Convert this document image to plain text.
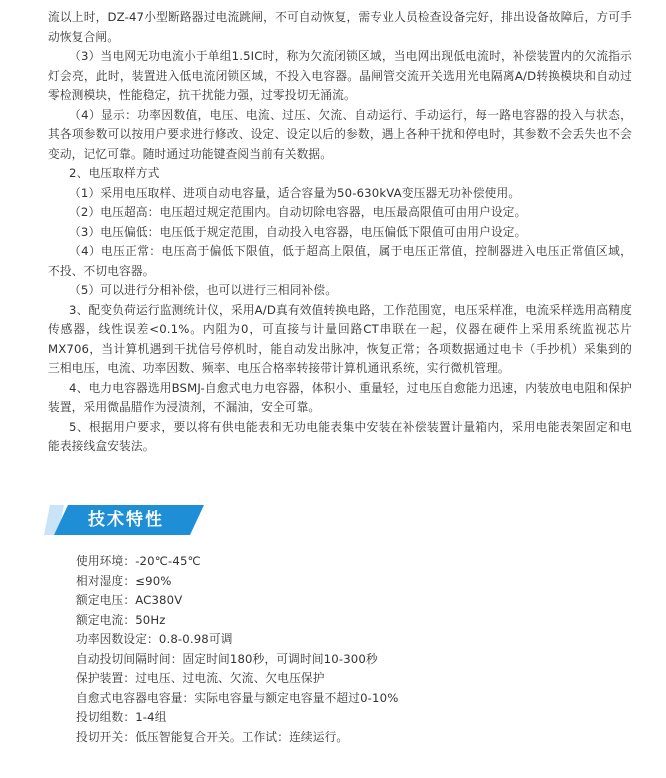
流以上时，DZ-47小型断路器过电流跳闸，不可自动恢复，需专业人员检查设备完好，排出设备故障后，方可手动恢复合闸。

（3）当电网无功电流小于单组1.5IC时，称为欠流闭锁区域，当电网出现低电流时，补偿装置内的欠流指示灯会亮，此时，装置进入低电流闭锁区域，不投入电容器。晶闸管交流开关选用光电隔离A/D转换模块和自动过零检测模块，性能稳定，抗干扰能力强，过零投切无涌流。

（4）显示：功率因数值，电压、电流、过压、欠流、自动运行、手动运行，每一路电容器的投入与状态，其各项参数可以按用户要求进行修改、设定、设定以后的参数，遇上各种干扰和停电时，其参数不会丢失也不会变动，记忆可靠。随时通过功能键查阅当前有关数据。

2、电压取样方式

（1）采用电压取样、进项自动电容量，适合容量为50-630kVA变压器无功补偿使用。

（2）电压超高：电压超过规定范围内。自动切除电容器，电压最高限值可由用户设定。

（3）电压偏低：电压低于规定范围，自动投入电容器，电压偏低下限值可由用户设定。

（4）电压正常：电压高于偏低下限值，低于超高上限值，属于电压正常值，控制器进入电压正常值区域，不投、不切电容器。

（5）可以进行分相补偿，也可以进行三相同补偿。

3、配变负荷运行监测统计仪，采用A/D真有效值转换电路，工作范围宽，电压采样准，电流采样选用高精度传感器，线性误差<0.1%。内阻为0，可直接与计量回路CT串联在一起，仪器在硬件上采用系统监视芯片MX706，当计算机遇到干扰信号停机时，能自动发出脉冲，恢复正常；各项数据通过电卡（手抄机）采集到的三相电压，电流、功率因数、频率、电压合格率转接带计算机通讯系统，实行微机管理。

4、电力电容器选用BSMJ-自愈式电力电容器，体积小、重量轻，过电压自愈能力迅速，内装放电电阻和保护装置，采用微晶腊作为浸渍剂，不漏油，安全可靠。

5、根据用户要求，要以将有供电能表和无功电能表集中安装在补偿装置计量箱内，采用电能表架固定和电能表接线盒安装法。

技术特性

使用环境：-20℃-45℃

相对湿度：≤90%

额定电压：AC380V

额定电流：50Hz

功率因数设定：0.8-0.98可调

自动投切间隔时间：固定时间180秒，可调时间10-300秒

保护装置：过电压、过电流、欠流、欠电压保护

自愈式电容器电容量：实际电容量与额定电容量不超过0-10%

投切组数：1-4组

投切开关：低压智能复合开关。工作试：连续运行。
